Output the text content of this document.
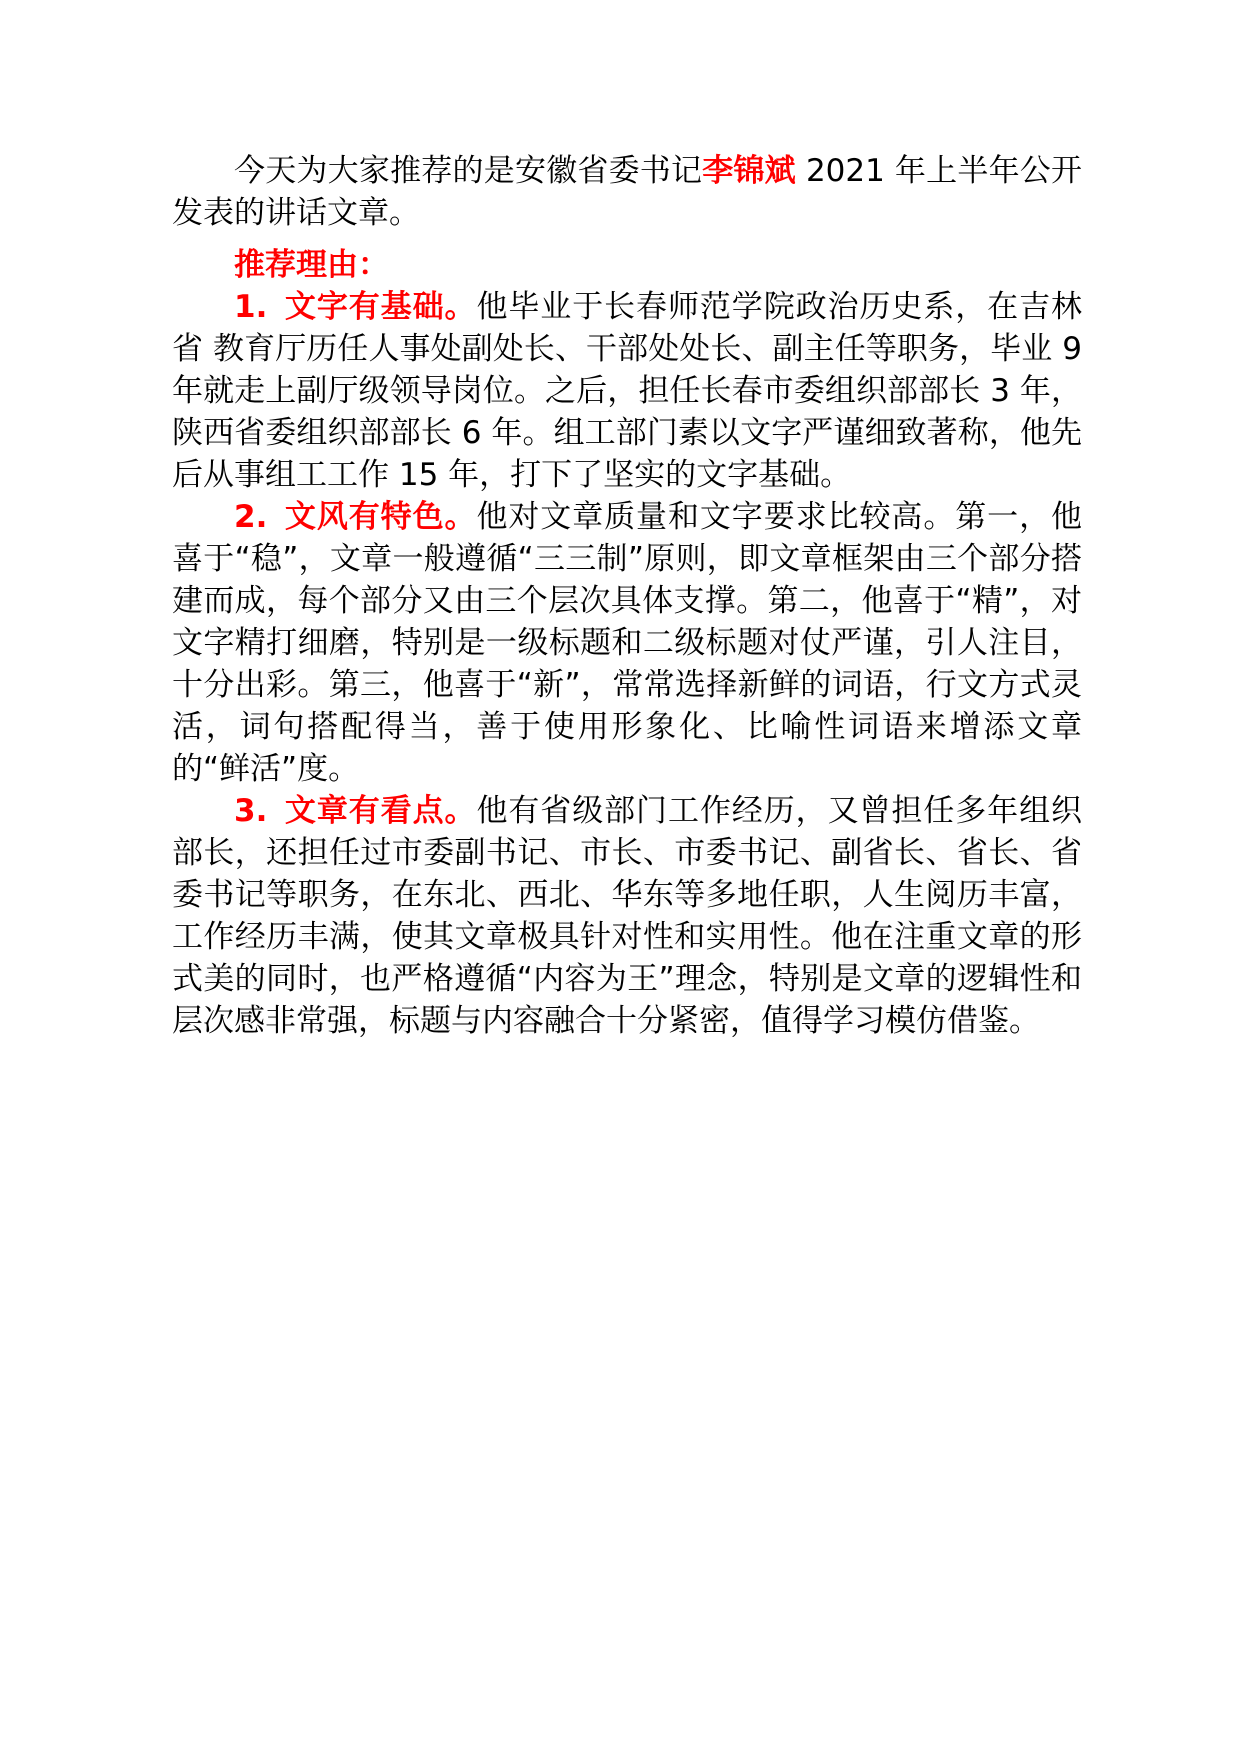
今天为大家推荐的是安徽省委书记李锦斌 2021 年上半年公开发表的讲话文章。

推荐理由：

1. 文字有基础。他毕业于长春师范学院政治历史系，在吉林省 教育厅历任人事处副处长、干部处处长、副主任等职务，毕业 9 年就走上副厅级领导岗位。之后，担任长春市委组织部部长 3 年，陕西省委组织部部长 6 年。组工部门素以文字严谨细致著称，他先后从事组工工作 15 年，打下了坚实的文字基础。

2. 文风有特色。他对文章质量和文字要求比较高。第一，他喜于“稳”，文章一般遵循“三三制”原则，即文章框架由三个部分搭建而成，每个部分又由三个层次具体支撑。第二，他喜于“精”，对文字精打细磨，特别是一级标题和二级标题对仗严谨，引人注目，十分出彩。第三，他喜于“新”，常常选择新鲜的词语，行文方式灵活，词句搭配得当，善于使用形象化、比喻性词语来增添文章的“鲜活”度。

3. 文章有看点。他有省级部门工作经历，又曾担任多年组织部长，还担任过市委副书记、市长、市委书记、副省长、省长、省委书记等职务，在东北、西北、华东等多地任职，人生阅历丰富，工作经历丰满，使其文章极具针对性和实用性。他在注重文章的形式美的同时，也严格遵循“内容为王”理念，特别是文章的逻辑性和层次感非常强，标题与内容融合十分紧密，值得学习模仿借鉴。
